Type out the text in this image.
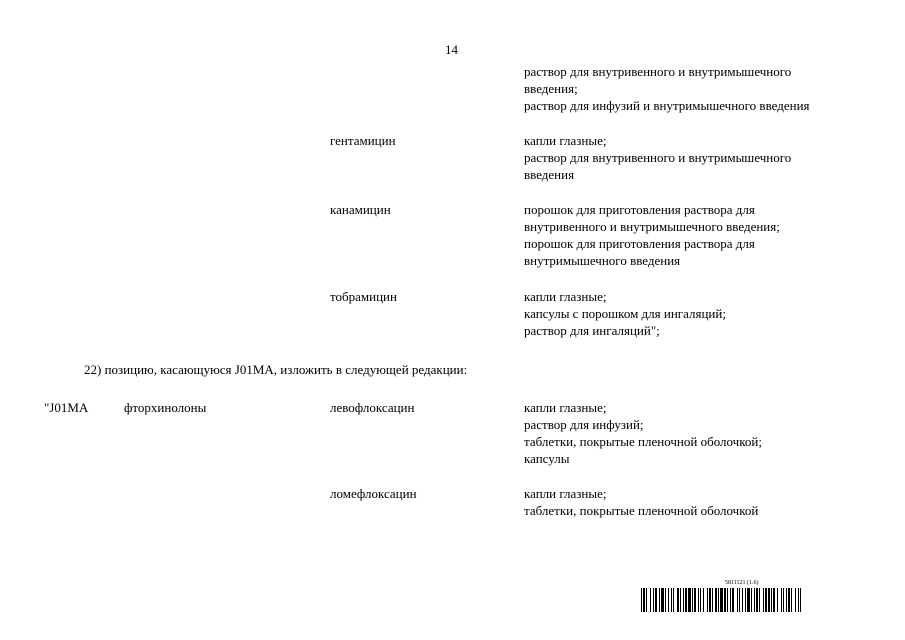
14
раствор для внутривенного и внутримышечного
введения;
раствор для инфузий и внутримышечного введения
гентамицин	капли глазные;
раствор для внутривенного и внутримышечного
введения
канамицин	порошок для приготовления раствора для
внутривенного и внутримышечного введения;
порошок для приготовления раствора для
внутримышечного введения
тобрамицин	капли глазные;
капсулы с порошком для ингаляций;
раствор для ингаляций";
22) позицию, касающуюся J01MA, изложить в следующей редакции:
"J01MA	фторхинолоны	левофлоксацин	капли глазные;
раствор для инфузий;
таблетки, покрытые пленочной оболочкой;
капсулы
ломефлоксацин	капли глазные;
таблетки, покрытые пленочной оболочкой
5811121 (1.6)
